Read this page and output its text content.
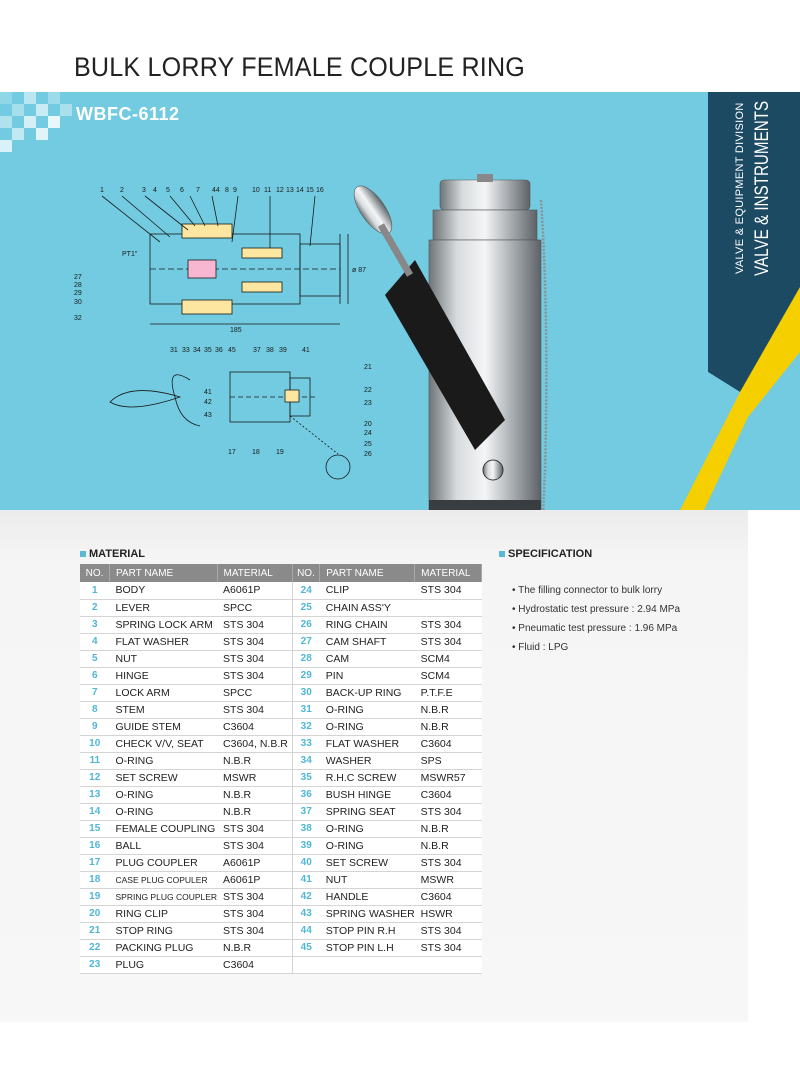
BULK LORRY FEMALE COUPLE RING
WBFC-6112
1 2	3 4 5 6 7 44 8 9 10 11 12 13 14 15 16
27
28
29
30
32
PT1"
ø 87
185
31 33 34 35 36 45 37 38 39 41
21
22
23
20
24
25
26
41
42
43
17 18 19
VALVE & EQUIPMENT DIVISION VALVE & INSTRUMENTS
MATERIAL	SPECIFICATION
NO.	PART NAME	MATERIAL	NO.	PART NAME	MATERIAL
1	BODY	A6061P	24	CLIP	STS 304
2	LEVER	SPCC	25	CHAIN ASS'Y	
3	SPRING LOCK ARM	STS 304	26	RING CHAIN	STS 304
4	FLAT WASHER	STS 304	27	CAM SHAFT	STS 304
5	NUT	STS 304	28	CAM	SCM4
6	HINGE	STS 304	29	PIN	SCM4
7	LOCK ARM	SPCC	30	BACK-UP RING	P.T.F.E
8	STEM	STS 304	31	O-RING	N.B.R
9	GUIDE STEM	C3604	32	O-RING	N.B.R
10	CHECK V/V, SEAT	C3604, N.B.R	33	FLAT WASHER	C3604
11	O-RING	N.B.R	34	WASHER	SPS
12	SET SCREW	MSWR	35	R.H.C SCREW	MSWR57
13	O-RING	N.B.R	36	BUSH HINGE	C3604
14	O-RING	N.B.R	37	SPRING SEAT	STS 304
15	FEMALE COUPLING	STS 304	38	O-RING	N.B.R
16	BALL	STS 304	39	O-RING	N.B.R
17	PLUG COUPLER	A6061P	40	SET SCREW	STS 304
18	CASE PLUG COPULER	A6061P	41	NUT	MSWR
19	SPRING PLUG COUPLER	STS 304	42	HANDLE	C3604
20	RING CLIP	STS 304	43	SPRING WASHER	HSWR
21	STOP RING	STS 304	44	STOP PIN R.H	STS 304
22	PACKING PLUG	N.B.R	45	STOP PIN L.H	STS 304
23	PLUG	C3604			
• The filling connector to bulk lorry
• Hydrostatic test pressure : 2.94 MPa
• Pneumatic test pressure : 1.96 MPa
• Fluid : LPG
